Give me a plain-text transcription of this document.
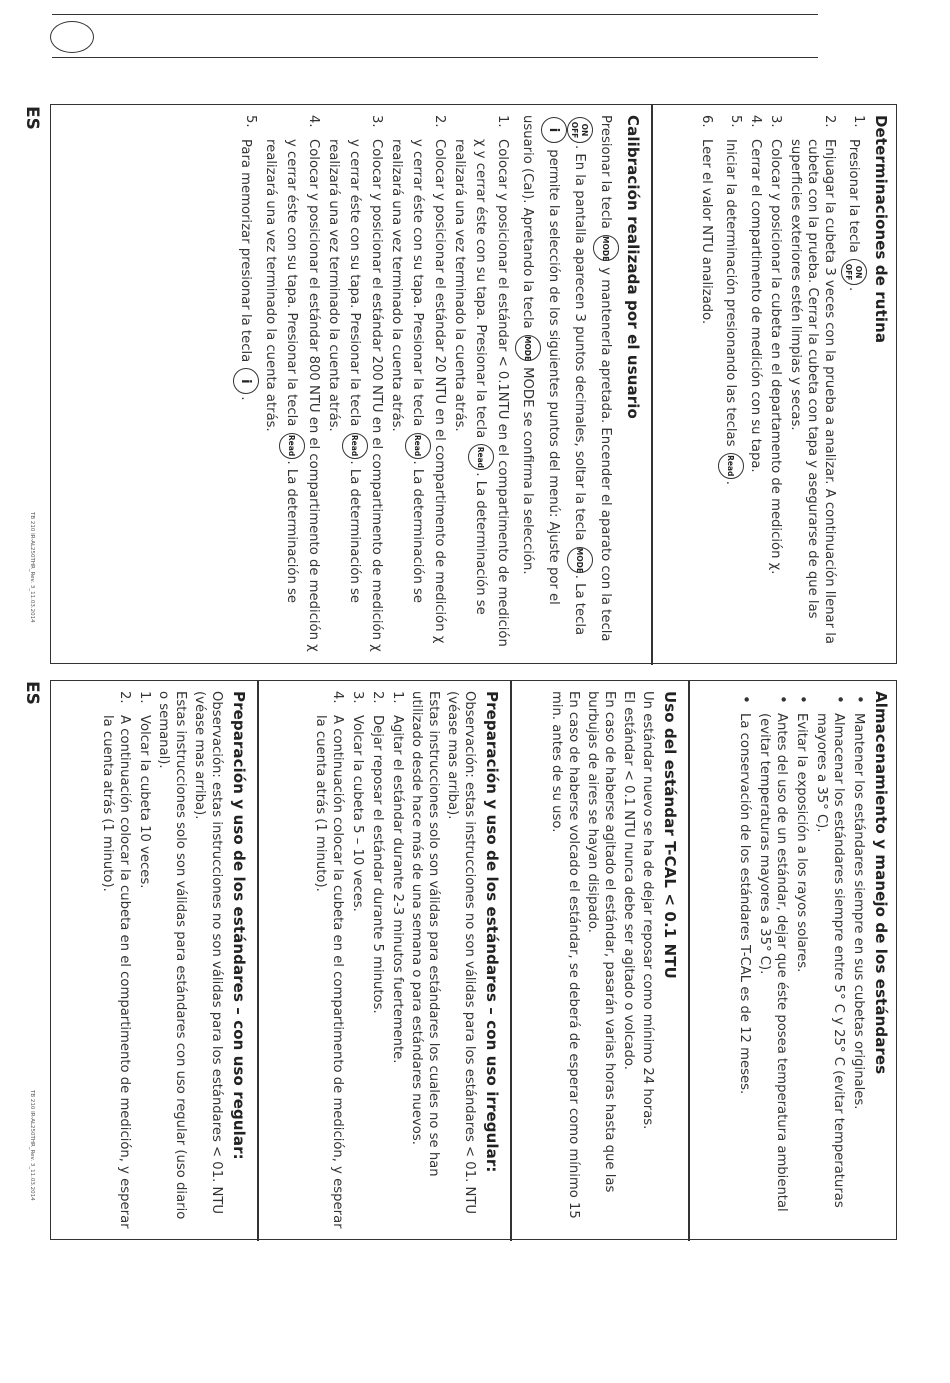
ES
ES
TB 210 IR-AL250THR_Rev. 3_11.03.2014
TB 210 IR-AL250THR_Rev. 3_11.03.2014
Determinaciones de rutina
1.
Presionar la tecla ON
OFF.
2.
Enjuagar la cubeta 3 veces con la prueba a analizar. A continuación llenar la cubeta con la prueba. Cerrar la cubeta con tapa y asegurarse de que las superficies exteriores estén limpias y secas.
3.
Colocar y posicionar la cubeta en el departamento de medición χ.
4.
Cerrar el compartimento de medición con su tapa.
5.
Iniciar la determinación presionando las teclas Read.
6.
Leer el valor NTU analizado.
Calibración realizada por el usuario

Presionar la tecla MODE y mantenerla apretada. Encender el aparato con la tecla ON
OFF. En la pantalla aparecen 3 puntos decimales, soltar la tecla MODE. La tecla i permite la selección de los siguientes puntos del menú: Ajuste por el usuario (Cal). Apretando la tecla MODE MODE se confirma la selección.

1.
Colocar y posicionar el estándar < 0.1NTU en el compartimento de medición χ y cerrar éste con su tapa. Presionar la tecla Read. La determinación se realizará una vez terminado la cuenta atrás.
2.
Colocar y posicionar el estándar 20 NTU en el compartimento de medición χ y cerrar éste con su tapa. Presionar la tecla Read. La determinación se realizará una vez terminado la cuenta atrás.
3.
Colocar y posicionar el estándar 200 NTU en el compartimento de medición χ y cerrar éste con su tapa. Presionar la tecla Read. La determinación se realizará una vez terminado la cuenta atrás.
4.
Colocar y posicionar el estándar 800 NTU en el compartimento de medición χ y cerrar éste con su tapa. Presionar la tecla Read. La determinación se realizará una vez terminado la cuenta atrás.
5.
Para memorizar presionar la tecla i.
Almacenamiento y manejo de los estándares
• Mantener los estándares siempre en sus cubetas originales.
• Almacenar los estándares siempre entre 5° C y 25° C (evitar temperaturas mayores a 35° C).
• Evitar la exposición a los rayos solares.
• Antes del uso de un estándar, dejar que éste posea temperatura ambiental (evitar temperaturas mayores a 35° C).
• La conservación de los estándares T-CAL es de 12 meses.
Uso del estándar T-CAL < 0.1 NTU

Un estándar nuevo se ha de dejar reposar como mínimo 24 horas.

El estándar < 0.1 NTU nunca debe ser agitado o volcado.

En caso de haberse agitado el estándar, pasarán varias horas hasta que las burbujas de aires se hayan disipado.

En caso de haberse volcado el estándar, se deberá de esperar como mínimo 15 min. antes de su uso.

Preparación y uso de los estándares – con uso irregular:

Observación: estas instrucciones no son válidas para los estándares < 01. NTU (véase mas arriba).

Estas instrucciones solo son válidas para estándares los cuales no se han utilizado desde hace más de una semana o para estándares nuevos.

1.
Agitar el estándar durante 2-3 minutos fuertemente.
2.
Dejar reposar el estándar durante 5 minutos.
3.
Volcar la cubeta 5 – 10 veces.
4.
A continuación colocar la cubeta en el compartimento de medición, y esperar la cuenta atrás (1 minuto).
Preparación y uso de los estándares – con uso regular:

Observación: estas instrucciones no son válidas para los estándares < 01. NTU (véase mas arriba).

Estas instrucciones solo son válidas para estándares con uso regular (uso diario o semanal).

1.
Volcar la cubeta 10 veces.
2.
A continuación colocar la cubeta en el compartimento de medición, y esperar la cuenta atrás (1 minuto).
